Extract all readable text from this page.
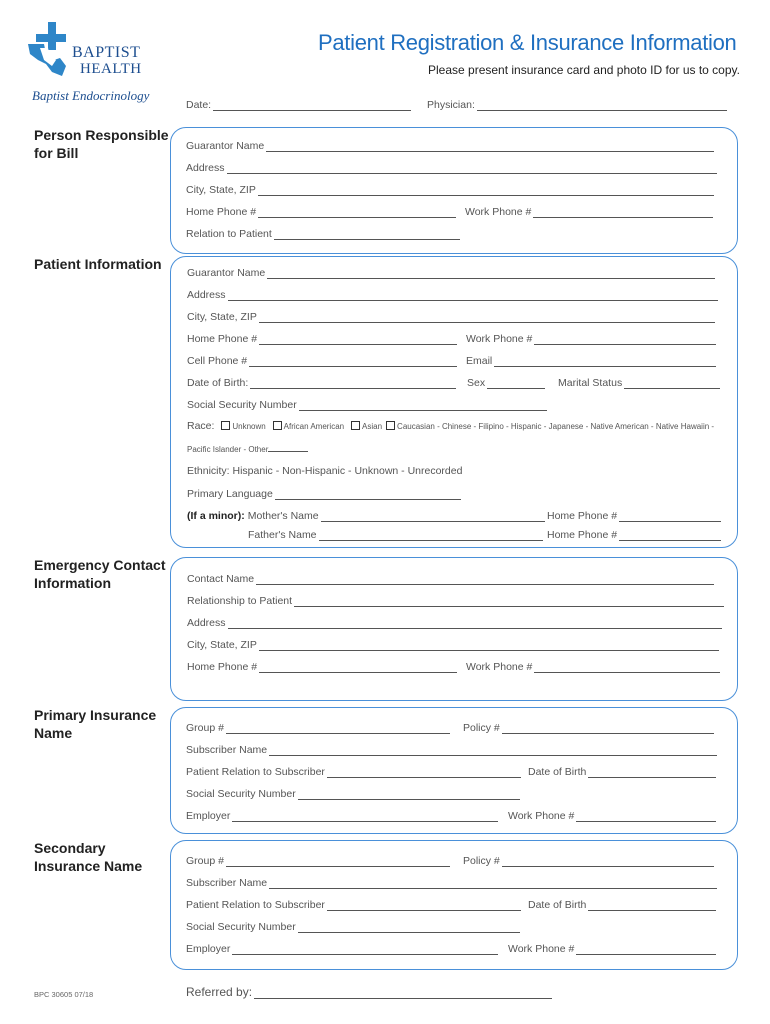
BAPTIST
HEALTH
Baptist Endocrinology
Patient Registration & Insurance Information
Please present insurance card and photo ID for us to copy.
Date:	Physician:
Person Responsible for Bill	Guarantor Name
Address
City, State, ZIP
Home Phone #	Work Phone #
Relation to Patient
Patient Information
Guarantor Name
Address
City, State, ZIP
Home Phone #	Work Phone #
Cell Phone #	Email
Date of Birth:	Sex	Marital Status
Social Security Number
Race: Unknown African American Asian Caucasian - Chinese - Filipino - Hispanic - Japanese - Native American - Native Hawaiin -
Pacific Islander - Other
Ethnicity: Hispanic - Non-Hispanic - Unknown - Unrecorded
Primary Language
(If a minor): Mother's Name	Home Phone #
Father's Name	Home Phone #
Emergency Contact Information	Contact Name
Relationship to Patient
Address
City, State, ZIP
Home Phone #	Work Phone #
Primary Insurance Name	Group #	Policy #
Subscriber Name
Patient Relation to Subscriber	Date of Birth
Social Security Number
Employer	Work Phone #
Secondary Insurance Name	Group #	Policy #
Subscriber Name
Patient Relation to Subscriber	Date of Birth
Social Security Number
Employer	Work Phone #
BPC 30605 07/18	Referred by:
